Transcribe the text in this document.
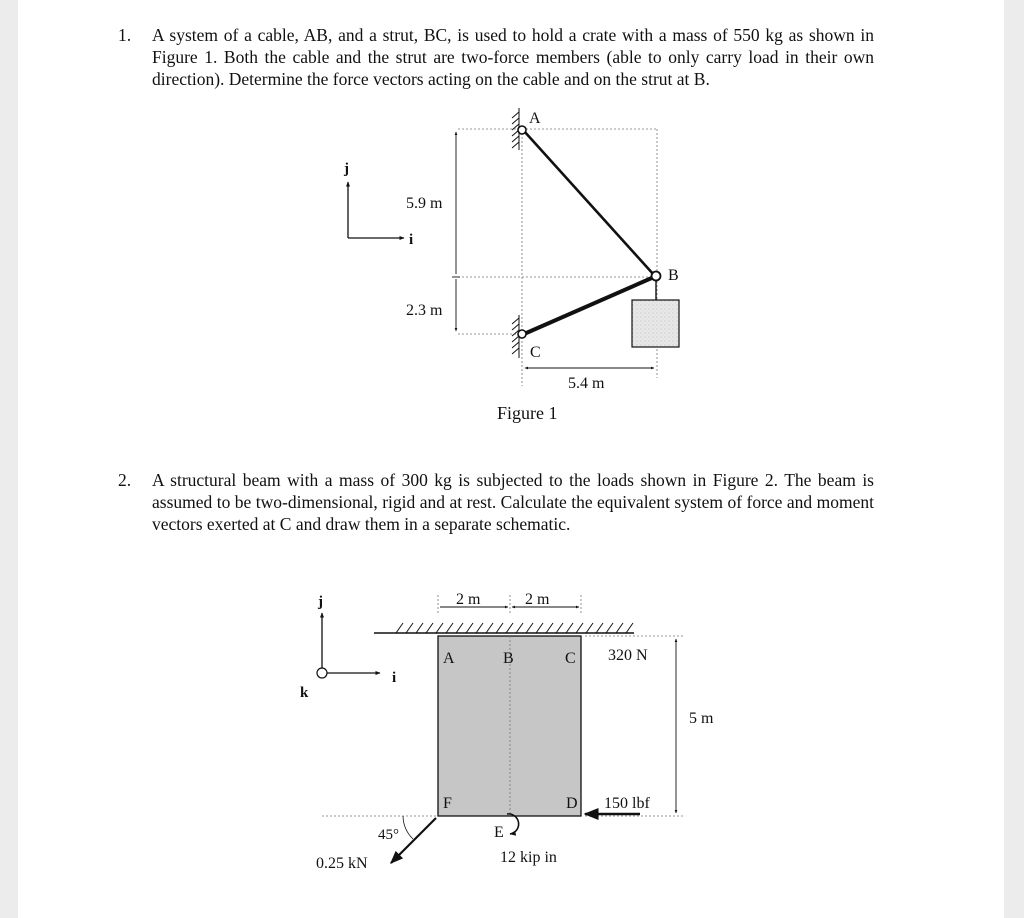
1. A system of a cable, AB, and a strut, BC, is used to hold a crate with a mass of 550 kg as shown in Figure 1. Both the cable and the strut are two-force members (able to only carry load in their own direction). Determine the force vectors acting on the cable and on the strut at B.
2. A structural beam with a mass of 300 kg is subjected to the loads shown in Figure 2. The beam is assumed to be two-dimensional, rigid and at rest. Calculate the equivalent system of force and moment vectors exerted at C and draw them in a separate schematic.
j
i
5.9 m
2.3 m
5.4 m
A
B
C
Figure 1
j
i
k
2 m	2 m
A	B	C
F	D
E
320 N
5 m
150 lbf
12 kip in
45°
0.25 kN
